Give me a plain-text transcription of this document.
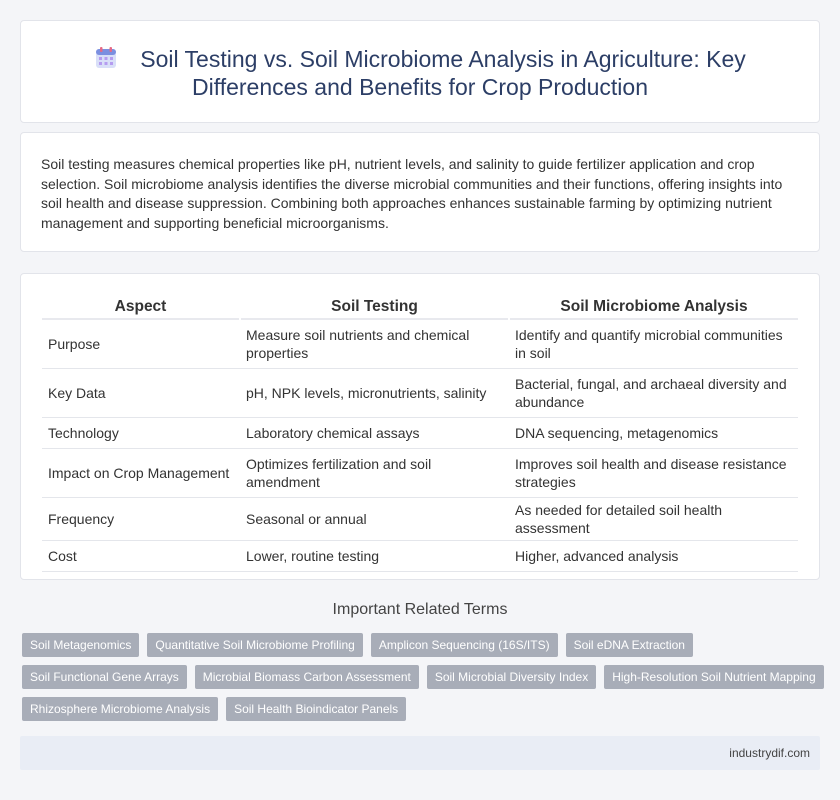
Soil Testing vs. Soil Microbiome Analysis in Agriculture: Key Differences and Benefits for Crop Production

Soil testing measures chemical properties like pH, nutrient levels, and salinity to guide fertilizer application and crop selection. Soil microbiome analysis identifies the diverse microbial communities and their functions, offering insights into soil health and disease suppression. Combining both approaches enhances sustainable farming by optimizing nutrient management and supporting beneficial microorganisms.

Aspect	Soil Testing	Soil Microbiome Analysis
Purpose	Measure soil nutrients and chemical properties	Identify and quantify microbial communities in soil
Key Data	pH, NPK levels, micronutrients, salinity	Bacterial, fungal, and archaeal diversity and abundance
Technology	Laboratory chemical assays	DNA sequencing, metagenomics
Impact on Crop Management	Optimizes fertilization and soil amendment	Improves soil health and disease resistance strategies
Frequency	Seasonal or annual	As needed for detailed soil health assessment
Cost	Lower, routine testing	Higher, advanced analysis
Important Related Terms
Soil Metagenomics	Quantitative Soil Microbiome Profiling	Amplicon Sequencing (16S/ITS)	Soil eDNA Extraction
Soil Functional Gene Arrays	Microbial Biomass Carbon Assessment	Soil Microbial Diversity Index	High-Resolution Soil Nutrient Mapping
Rhizosphere Microbiome Analysis	Soil Health Bioindicator Panels
industrydif.com
